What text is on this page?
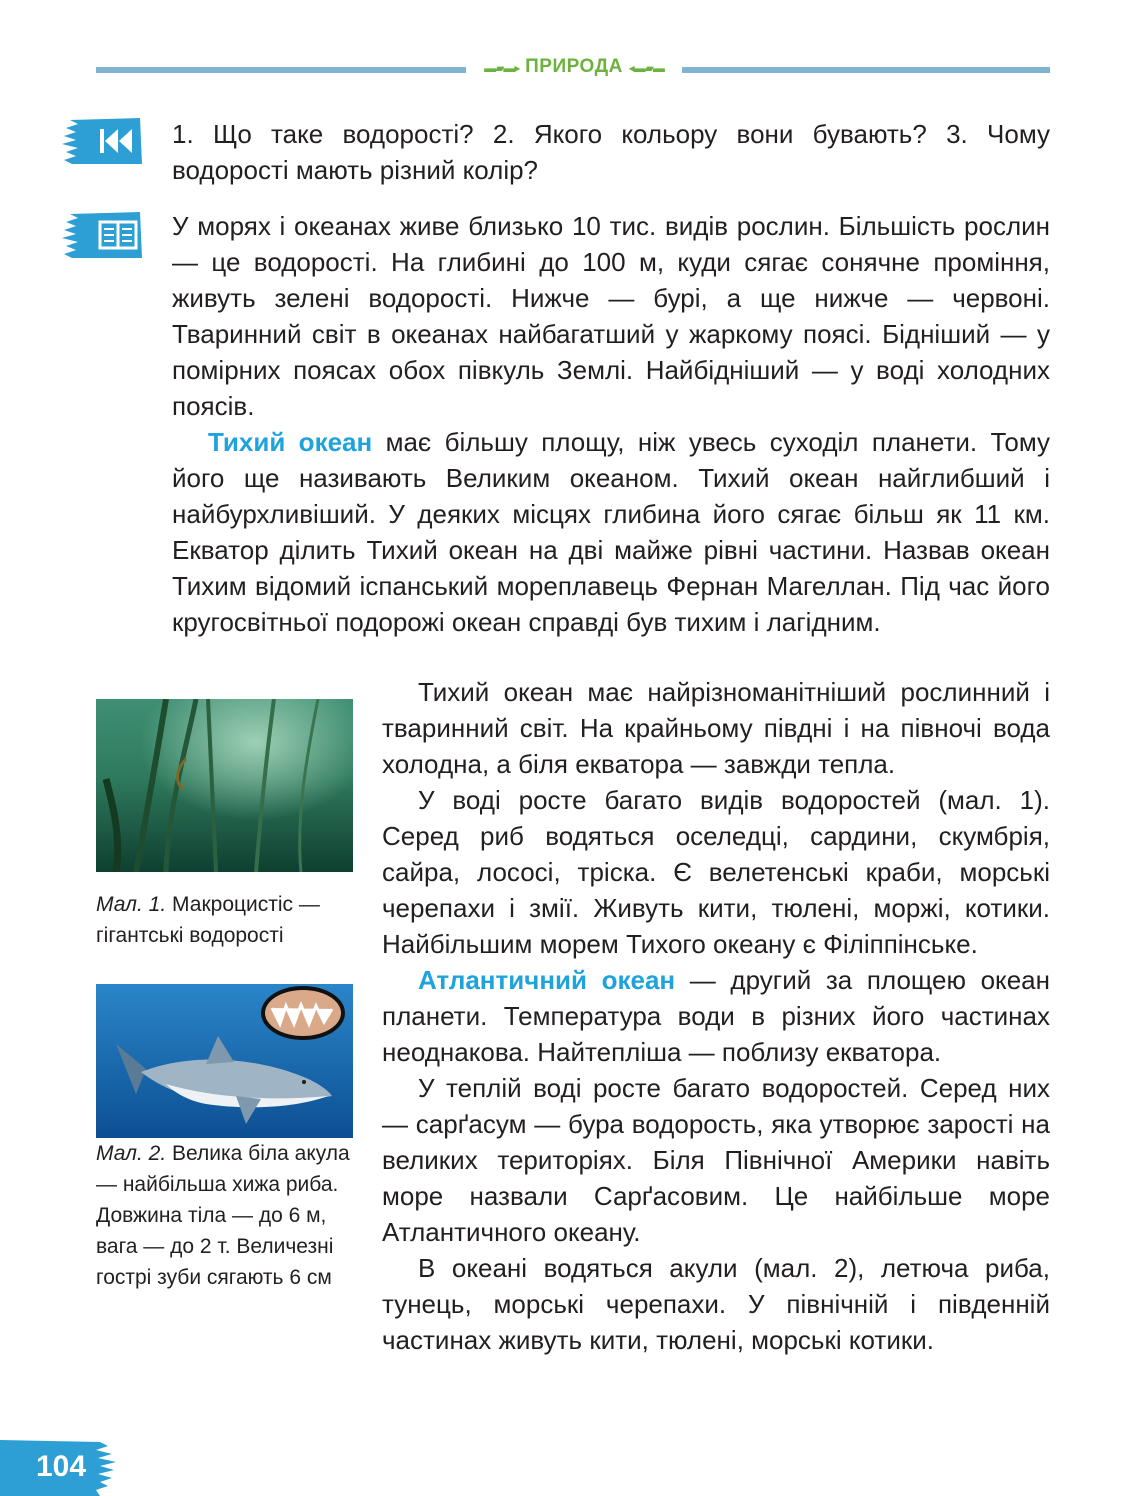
▬▰▬▸ ПРИРОДА ◂▬▰▬

1. Що таке водорості? 2. Якого кольору вони бувають? 3. Чому водорості мають різний колір?

У морях і океанах живе близько 10 тис. видів рослин. Більшість рослин — це водорості. На глибині до 100 м, куди сягає сонячне проміння, живуть зелені водорості. Нижче — бурі, а ще нижче — червоні. Тваринний світ в океанах найбагатший у жаркому поясі. Бідніший — у помірних поясах обох півкуль Землі. Найбідніший — у воді холодних поясів.

Тихий океан має більшу площу, ніж увесь суходіл планети. Тому його ще називають Великим океаном. Тихий океан найглибший і найбурхливіший. У деяких місцях глибина його сягає більш як 11 км. Екватор ділить Тихий океан на дві майже рівні частини. Назвав океан Тихим відомий іспанський мореплавець Фернан Магеллан. Під час його кругосвітньої подорожі океан справді був тихим і лагідним.

Мал. 1. Макроцистіс — гігантські водорості
Мал. 2. Велика біла акула — найбільша хижа риба. Довжина тіла — до 6 м, вага — до 2 т. Величезні гострі зуби сягають 6 см

Тихий океан має найрізноманітніший рослинний і тваринний світ. На крайньому півдні і на півночі вода холодна, а біля екватора — завжди тепла.

У воді росте багато видів водоростей (мал. 1). Серед риб водяться оселедці, сардини, скумбрія, сайра, лососі, тріска. Є велетенські краби, морські черепахи і змії. Живуть кити, тюлені, моржі, котики. Найбільшим морем Тихого океану є Філіппінське.

Атлантичний океан — другий за площею океан планети. Температура води в різних його частинах неоднакова. Найтепліша — поблизу екватора.

У теплій воді росте багато водоростей. Серед них — сарґасум — бура водорость, яка утворює зарості на великих територіях. Біля Північної Америки навіть море назвали Сарґасовим. Це найбільше море Атлантичного океану.

В океані водяться акули (мал. 2), летюча риба, тунець, морські черепахи. У північній і південній частинах живуть кити, тюлені, морські котики.

104
